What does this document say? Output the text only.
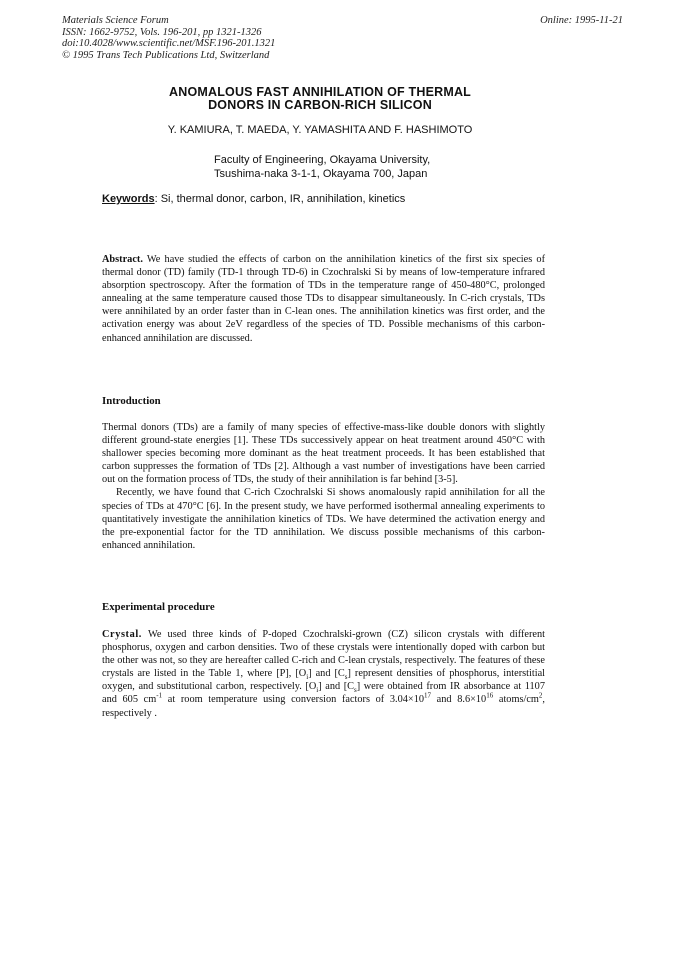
Materials Science Forum
ISSN: 1662-9752, Vols. 196-201, pp 1321-1326
doi:10.4028/www.scientific.net/MSF.196-201.1321
© 1995 Trans Tech Publications Ltd, Switzerland
Online: 1995-11-21
ANOMALOUS FAST ANNIHILATION OF THERMAL
DONORS IN CARBON-RICH SILICON
Y. KAMIURA, T. MAEDA, Y. YAMASHITA AND F. HASHIMOTO
Faculty of Engineering, Okayama University,
Tsushima-naka 3-1-1, Okayama 700, Japan
Keywords: Si, thermal donor, carbon, IR, annihilation, kinetics
Abstract. We have studied the effects of carbon on the annihilation kinetics of the first six species of thermal donor (TD) family (TD-1 through TD-6) in Czochralski Si by means of low-temperature infrared absorption spectroscopy. After the formation of TDs in the temperature range of 450-480°C, prolonged annealing at the same temperature caused those TDs to disappear simultaneously. In C-rich crystals, TDs were annihilated by an order faster than in C-lean ones. The annihilation kinetics was first order, and the activation energy was about 2eV regardless of the species of TD. Possible mechanisms of this carbon-enhanced annihilation are discussed.
Introduction

Thermal donors (TDs) are a family of many species of effective-mass-like double donors with slightly different ground-state energies [1]. These TDs successively appear on heat treatment around 450°C with shallower species becoming more dominant as the heat treatment proceeds. It has been established that carbon suppresses the formation of TDs [2]. Although a vast number of investigations have been carried out on the formation process of TDs, the study of their annihilation is far behind [3-5].

Recently, we have found that C-rich Czochralski Si shows anomalously rapid annihilation for all the species of TDs at 470°C [6]. In the present study, we have performed isothermal annealing experiments to quantitatively investigate the annihilation kinetics of TDs. We have determined the activation energy and the pre-exponential factor for the TD annihilation. We discuss possible mechanisms of this carbon-enhanced annihilation.

Experimental procedure

Crystal. We used three kinds of P-doped Czochralski-grown (CZ) silicon crystals with different phosphorus, oxygen and carbon densities. Two of these crystals were intentionally doped with carbon but the other was not, so they are hereafter called C-rich and C-lean crystals, respectively. The features of these crystals are listed in the Table 1, where [P], $[O_i]$ and $[C_s]$ represent densities of phosphorus, interstitial oxygen, and substitutional carbon, respectively. $[O_i]$ and $[C_s]$ were obtained from IR absorbance at 1107 and 605 $cm^{-1}$ at room temperature using conversion factors of $3.04\times 10^{17}$ and $8.6\times 10^{16}$ atoms/$cm^2$, respectively .
